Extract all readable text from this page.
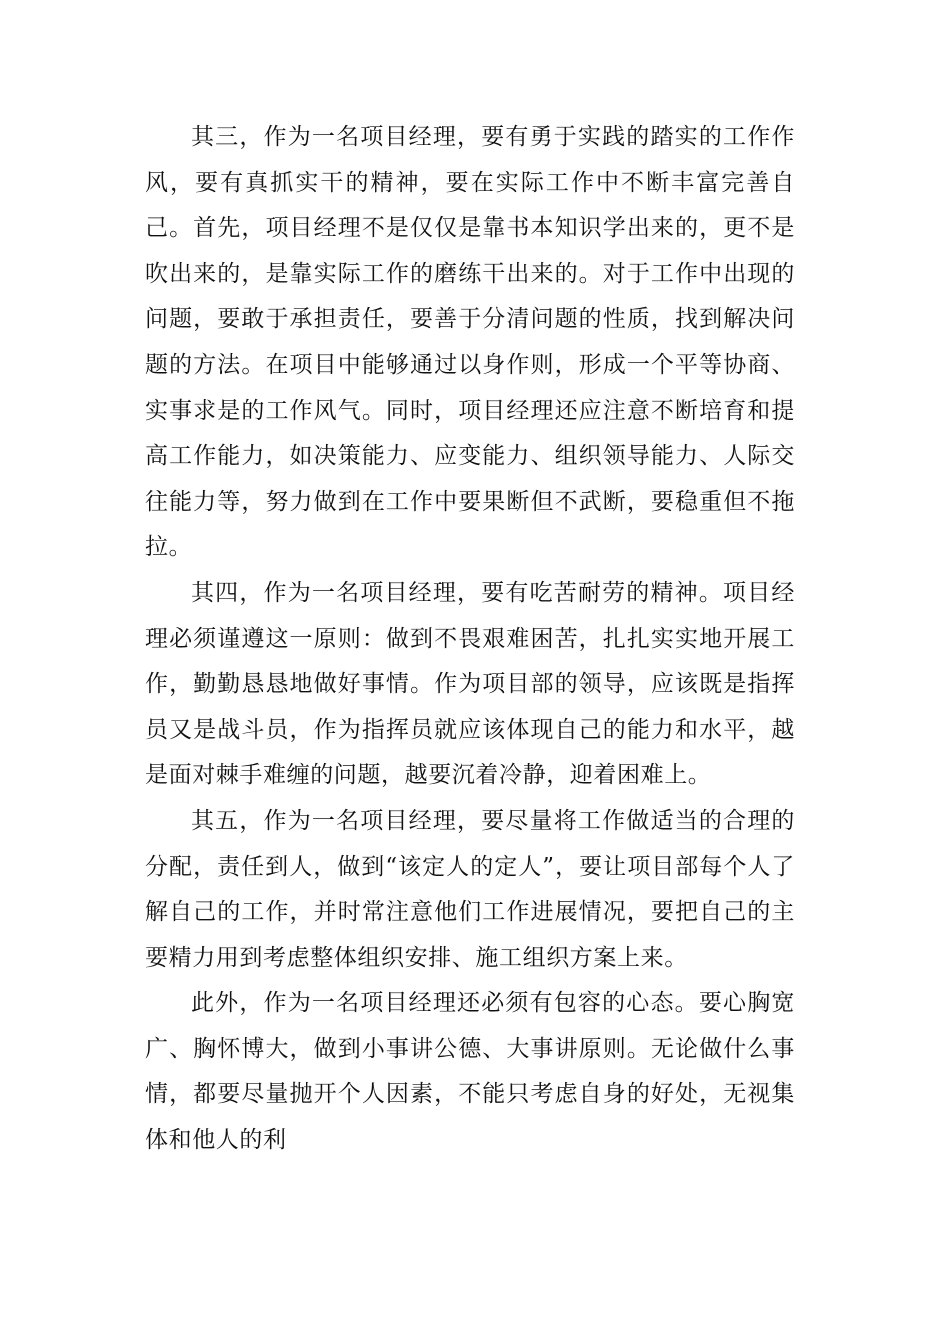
其三，作为一名项目经理，要有勇于实践的踏实的工作作风，要有真抓实干的精神，要在实际工作中不断丰富完善自己。首先，项目经理不是仅仅是靠书本知识学出来的，更不是吹出来的，是靠实际工作的磨练干出来的。对于工作中出现的问题，要敢于承担责任，要善于分清问题的性质，找到解决问题的方法。在项目中能够通过以身作则，形成一个平等协商、实事求是的工作风气。同时，项目经理还应注意不断培育和提高工作能力，如决策能力、应变能力、组织领导能力、人际交往能力等，努力做到在工作中要果断但不武断，要稳重但不拖拉。

其四，作为一名项目经理，要有吃苦耐劳的精神。项目经理必须谨遵这一原则：做到不畏艰难困苦，扎扎实实地开展工作，勤勤恳恳地做好事情。作为项目部的领导，应该既是指挥员又是战斗员，作为指挥员就应该体现自己的能力和水平，越是面对棘手难缠的问题，越要沉着冷静，迎着困难上。

其五，作为一名项目经理，要尽量将工作做适当的合理的分配，责任到人，做到“该定人的定人”，要让项目部每个人了解自己的工作，并时常注意他们工作进展情况，要把自己的主要精力用到考虑整体组织安排、施工组织方案上来。

此外，作为一名项目经理还必须有包容的心态。要心胸宽广、胸怀博大，做到小事讲公德、大事讲原则。无论做什么事情，都要尽量抛开个人因素，不能只考虑自身的好处，无视集体和他人的利
